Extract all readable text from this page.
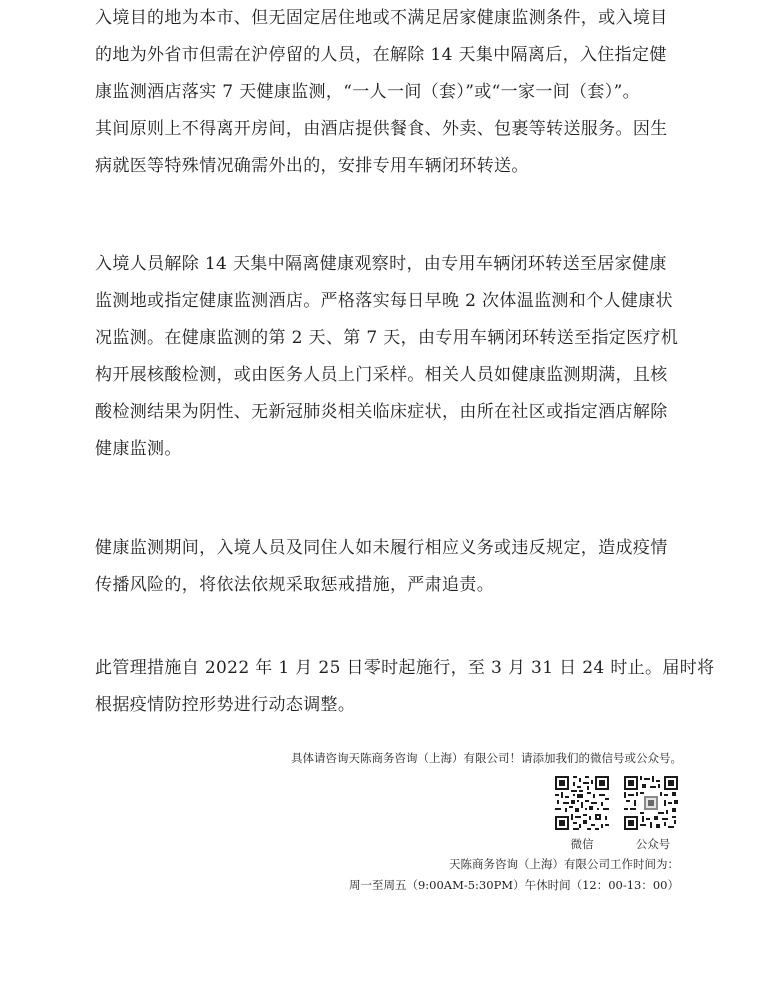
入境目的地为本市、但无固定居住地或不满足居家健康监测条件，或入境目
的地为外省市但需在沪停留的人员，在解除 14 天集中隔离后，入住指定健
康监测酒店落实 7 天健康监测，“一人一间（套）”或“一家一间（套）”。
其间原则上不得离开房间，由酒店提供餐食、外卖、包裹等转送服务。因生
病就医等特殊情况确需外出的，安排专用车辆闭环转送。
入境人员解除 14 天集中隔离健康观察时，由专用车辆闭环转送至居家健康
监测地或指定健康监测酒店。严格落实每日早晚 2 次体温监测和个人健康状
况监测。在健康监测的第 2 天、第 7 天，由专用车辆闭环转送至指定医疗机
构开展核酸检测，或由医务人员上门采样。相关人员如健康监测期满，且核
酸检测结果为阴性、无新冠肺炎相关临床症状，由所在社区或指定酒店解除
健康监测。
健康监测期间，入境人员及同住人如未履行相应义务或违反规定，造成疫情
传播风险的，将依法依规采取惩戒措施，严肃追责。
此管理措施自 2022 年 1 月 25 日零时起施行，至 3 月 31 日 24 时止。届时将
根据疫情防控形势进行动态调整。
具体请咨询天陈商务咨询（上海）有限公司！请添加我们的微信号或公众号。
微信	公众号
天陈商务咨询（上海）有限公司工作时间为：
周一至周五（9:00AM-5:30PM）午休时间（12：00-13：00）
